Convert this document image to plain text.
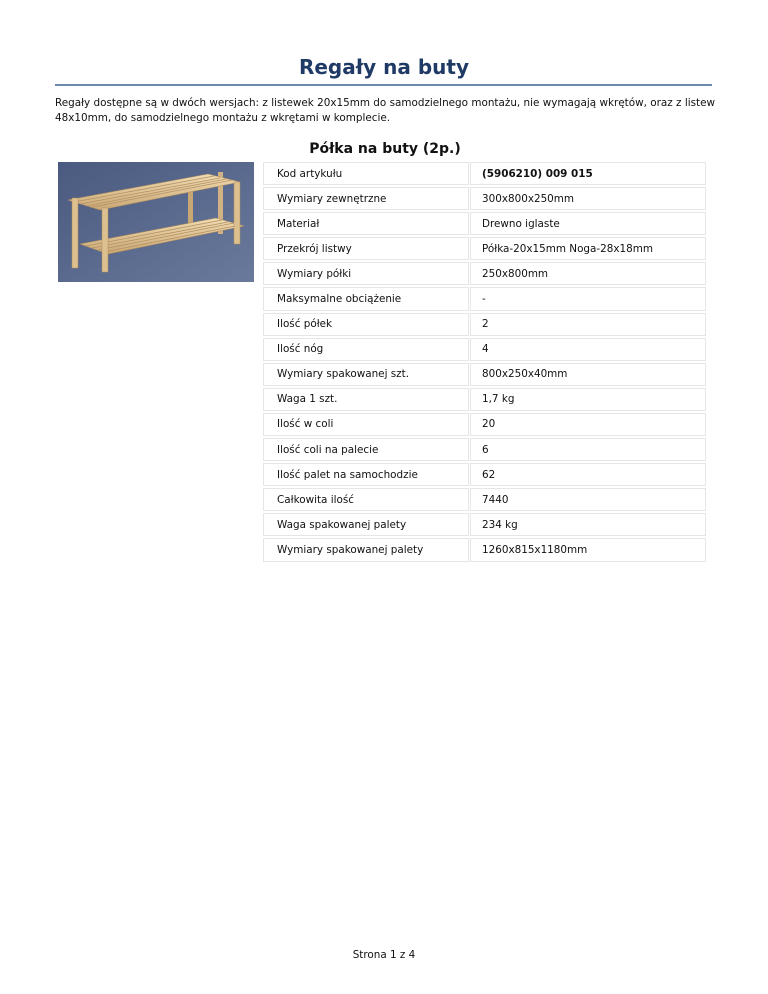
Regały na buty
Regały dostępne są w dwóch wersjach: z listewek 20x15mm do samodzielnego montażu, nie wymagają wkrętów, oraz z listew 48x10mm, do samodzielnego montażu z wkrętami w komplecie.
Półka na buty (2p.)
Kod artykułu	(5906210) 009 015
Wymiary zewnętrzne	300x800x250mm
Materiał	Drewno iglaste
Przekrój listwy	Półka-20x15mm Noga-28x18mm
Wymiary półki	250x800mm
Maksymalne obciążenie	-
Ilość półek	2
Ilość nóg	4
Wymiary spakowanej szt.	800x250x40mm
Waga 1 szt.	1,7 kg
Ilość w coli	20
Ilość coli na palecie	6
Ilość palet na samochodzie	62
Całkowita ilość	7440
Waga spakowanej palety	234 kg
Wymiary spakowanej palety	1260x815x1180mm
Strona 1 z 4
